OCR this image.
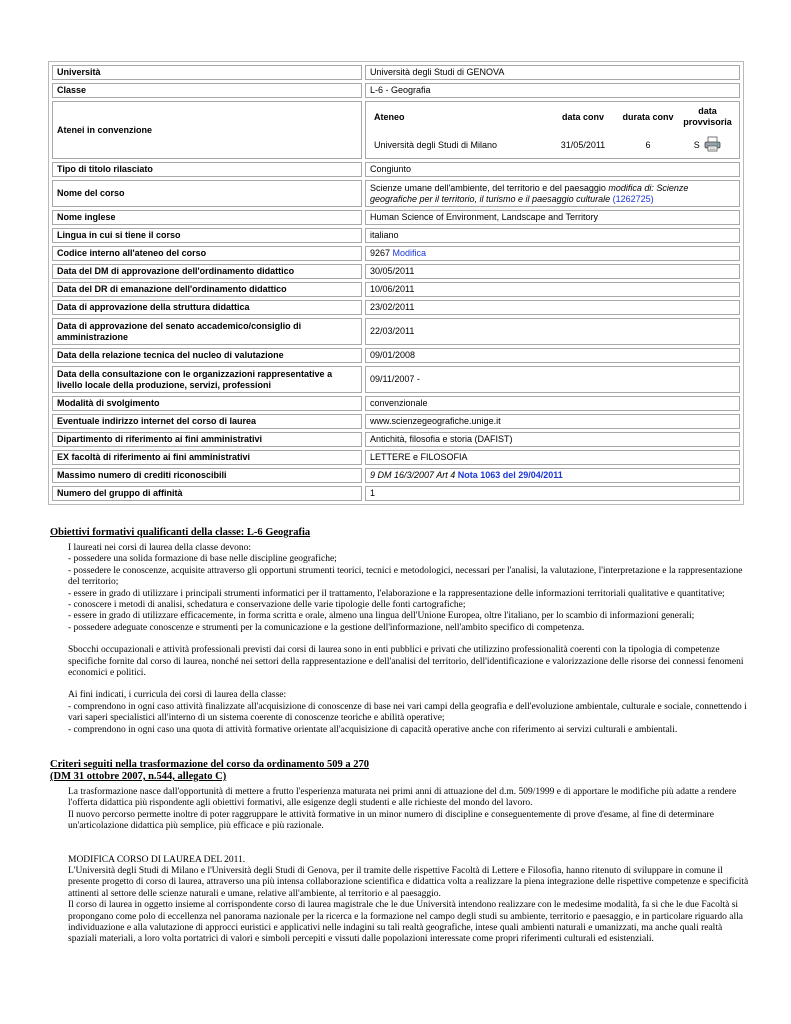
Università	Università degli Studi di GENOVA
Classe	L-6 - Geografia
Atenei in convenzione	
Ateneo	data conv	durata conv	data provvisoria
Università degli Studi di Milano	31/05/2011	6	S

Tipo di titolo rilasciato	Congiunto
Nome del corso	Scienze umane dell'ambiente, del territorio e del paesaggio modifica di: Scienze geografiche per il territorio, il turismo e il paesaggio culturale (1262725)
Nome inglese	Human Science of Environment, Landscape and Territory
Lingua in cui si tiene il corso	italiano
Codice interno all'ateneo del corso	9267 Modifica
Data del DM di approvazione dell'ordinamento didattico	30/05/2011
Data del DR di emanazione dell'ordinamento didattico	10/06/2011
Data di approvazione della struttura didattica	23/02/2011
Data di approvazione del senato accademico/consiglio di amministrazione	22/03/2011
Data della relazione tecnica del nucleo di valutazione	09/01/2008
Data della consultazione con le organizzazioni rappresentative a livello locale della produzione, servizi, professioni	09/11/2007 -
Modalità di svolgimento	convenzionale
Eventuale indirizzo internet del corso di laurea	www.scienzegeografiche.unige.it
Dipartimento di riferimento ai fini amministrativi	Antichità, filosofia e storia (DAFIST)
EX facoltà di riferimento ai fini amministrativi	LETTERE e FILOSOFIA
Massimo numero di crediti riconoscibili	9 DM 16/3/2007 Art 4 Nota 1063 del 29/04/2011
Numero del gruppo di affinità	1
Obiettivi formativi qualificanti della classe: L-6 Geografia
I laureati nei corsi di laurea della classe devono:
- possedere una solida formazione di base nelle discipline geografiche;
- possedere le conoscenze, acquisite attraverso gli opportuni strumenti teorici, tecnici e metodologici, necessari per l'analisi, la valutazione, l'interpretazione e la rappresentazione del territorio;
- essere in grado di utilizzare i principali strumenti informatici per il trattamento, l'elaborazione e la rappresentazione delle informazioni territoriali qualitative e quantitative;
- conoscere i metodi di analisi, schedatura e conservazione delle varie tipologie delle fonti cartografiche;
- essere in grado di utilizzare efficacemente, in forma scritta e orale, almeno una lingua dell'Unione Europea, oltre l'italiano, per lo scambio di informazioni generali;
- possedere adeguate conoscenze e strumenti per la comunicazione e la gestione dell'informazione, nell'ambito specifico di competenza.
Sbocchi occupazionali e attività professionali previsti dai corsi di laurea sono in enti pubblici e privati che utilizzino professionalità coerenti con la tipologia di competenze specifiche fornite dal corso di laurea, nonché nei settori della rappresentazione e dell'analisi del territorio, dell'identificazione e valorizzazione delle risorse dei connessi fenomeni economici e politici.
Ai fini indicati, i curricula dei corsi di laurea della classe:
- comprendono in ogni caso attività finalizzate all'acquisizione di conoscenze di base nei vari campi della geografia e dell'evoluzione ambientale, culturale e sociale, connettendo i vari saperi specialistici all'interno di un sistema coerente di conoscenze teoriche e abilità operative;
- comprendono in ogni caso una quota di attività formative orientate all'acquisizione di capacità operative anche con riferimento ai servizi culturali e ambientali.
Criteri seguiti nella trasformazione del corso da ordinamento 509 a 270
(DM 31 ottobre 2007, n.544, allegato C)
La trasformazione nasce dall'opportunità di mettere a frutto l'esperienza maturata nei primi anni di attuazione del d.m. 509/1999 e di apportare le modifiche più adatte a rendere l'offerta didattica più rispondente agli obiettivi formativi, alle esigenze degli studenti e alle richieste del mondo del lavoro.
Il nuovo percorso permette inoltre di poter raggruppare le attività formative in un minor numero di discipline e conseguentemente di prove d'esame, al fine di determinare un'articolazione didattica più semplice, più efficace e più razionale.
MODIFICA CORSO DI LAUREA DEL 2011.
L'Università degli Studi di Milano e l'Università degli Studi di Genova, per il tramite delle rispettive Facoltà di Lettere e Filosofia, hanno ritenuto di sviluppare in comune il presente progetto di corso di laurea, attraverso una più intensa collaborazione scientifica e didattica volta a realizzare la piena integrazione delle rispettive competenze e specificità attinenti al settore delle scienze naturali e umane, relative all'ambiente, al territorio e al paesaggio.
Il corso di laurea in oggetto insieme al corrispondente corso di laurea magistrale che le due Università intendono realizzare con le medesime modalità, fa sì che le due Facoltà si propongano come polo di eccellenza nel panorama nazionale per la ricerca e la formazione nel campo degli studi su ambiente, territorio e paesaggio, e in particolare riguardo alla individuazione e alla valutazione di approcci euristici e applicativi nelle indagini su tali realtà geografiche, intese quali ambienti naturali e umanizzati, ma anche quali realtà spaziali materiali, a loro volta portatrici di valori e simboli percepiti e vissuti dalle popolazioni interessate come propri riferimenti culturali ed esistenziali.
